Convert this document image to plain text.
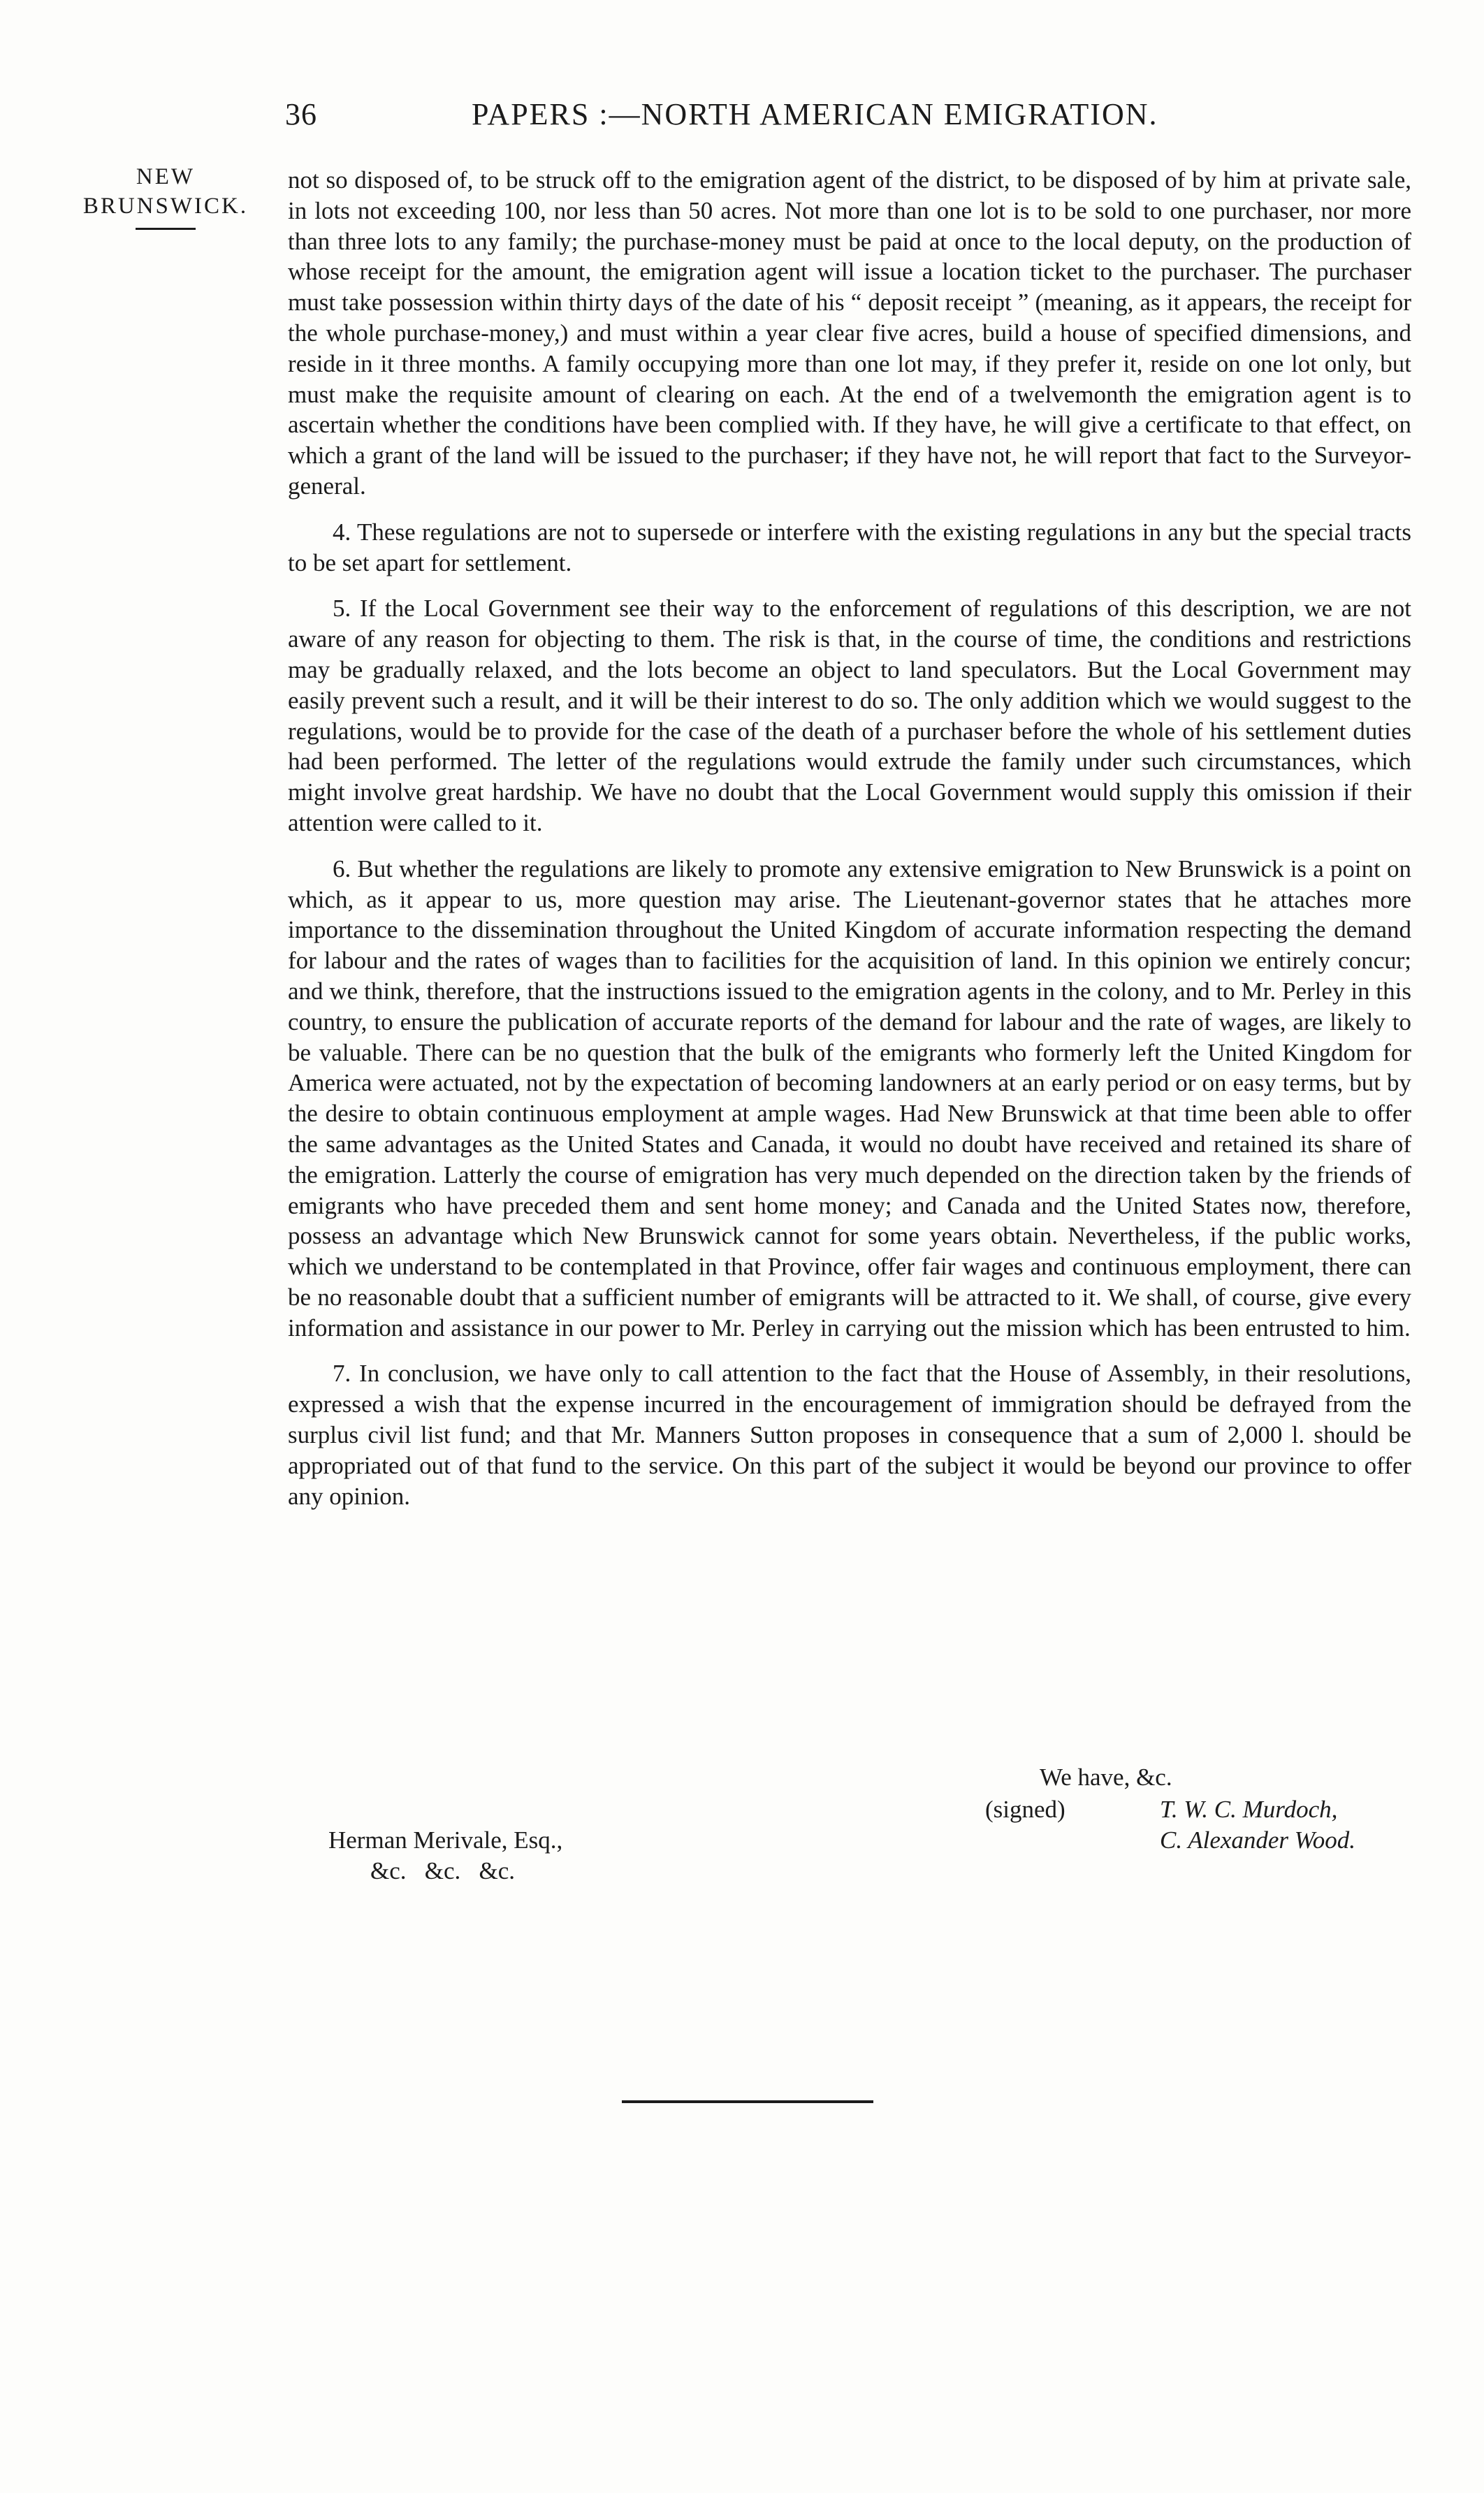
36	PAPERS :—NORTH AMERICAN EMIGRATION.
NEW
BRUNSWICK.

not so disposed of, to be struck off to the emigration agent of the district, to be disposed of by him at private sale, in lots not exceeding 100, nor less than 50 acres. Not more than one lot is to be sold to one purchaser, nor more than three lots to any family; the purchase-money must be paid at once to the local deputy, on the production of whose receipt for the amount, the emigration agent will issue a location ticket to the purchaser. The purchaser must take possession within thirty days of the date of his “ deposit receipt ” (meaning, as it appears, the receipt for the whole purchase-money,) and must within a year clear five acres, build a house of specified dimensions, and reside in it three months. A family occupying more than one lot may, if they prefer it, reside on one lot only, but must make the requisite amount of clearing on each. At the end of a twelvemonth the emigration agent is to ascertain whether the conditions have been complied with. If they have, he will give a certificate to that effect, on which a grant of the land will be issued to the purchaser; if they have not, he will report that fact to the Surveyor-general.

4. These regulations are not to supersede or interfere with the existing regulations in any but the special tracts to be set apart for settlement.

5. If the Local Government see their way to the enforcement of regulations of this description, we are not aware of any reason for objecting to them. The risk is that, in the course of time, the conditions and restrictions may be gradually relaxed, and the lots become an object to land speculators. But the Local Government may easily prevent such a result, and it will be their interest to do so. The only addition which we would suggest to the regulations, would be to provide for the case of the death of a purchaser before the whole of his settlement duties had been performed. The letter of the regulations would extrude the family under such circumstances, which might involve great hardship. We have no doubt that the Local Government would supply this omission if their attention were called to it.

6. But whether the regulations are likely to promote any extensive emigration to New Brunswick is a point on which, as it appear to us, more question may arise. The Lieutenant-governor states that he attaches more importance to the dissemination throughout the United Kingdom of accurate information respecting the demand for labour and the rates of wages than to facilities for the acquisition of land. In this opinion we entirely concur; and we think, therefore, that the instructions issued to the emigration agents in the colony, and to Mr. Perley in this country, to ensure the publication of accurate reports of the demand for labour and the rate of wages, are likely to be valuable. There can be no question that the bulk of the emigrants who formerly left the United Kingdom for America were actuated, not by the expectation of becoming landowners at an early period or on easy terms, but by the desire to obtain continuous employment at ample wages. Had New Brunswick at that time been able to offer the same advantages as the United States and Canada, it would no doubt have received and retained its share of the emigration. Latterly the course of emigration has very much depended on the direction taken by the friends of emigrants who have preceded them and sent home money; and Canada and the United States now, therefore, possess an advantage which New Brunswick cannot for some years obtain. Nevertheless, if the public works, which we understand to be contemplated in that Province, offer fair wages and continuous employment, there can be no reasonable doubt that a sufficient number of emigrants will be attracted to it. We shall, of course, give every information and assistance in our power to Mr. Perley in carrying out the mission which has been entrusted to him.

7. In conclusion, we have only to call attention to the fact that the House of Assembly, in their resolutions, expressed a wish that the expense incurred in the encouragement of immigration should be defrayed from the surplus civil list fund; and that Mr. Manners Sutton proposes in consequence that a sum of 2,000 l. should be appropriated out of that fund to the service. On this part of the subject it would be beyond our province to offer any opinion.

We have, &c.
(signed)	T. W. C. Murdoch,
C. Alexander Wood.
Herman Merivale, Esq.,
&c.   &c.   &c.
